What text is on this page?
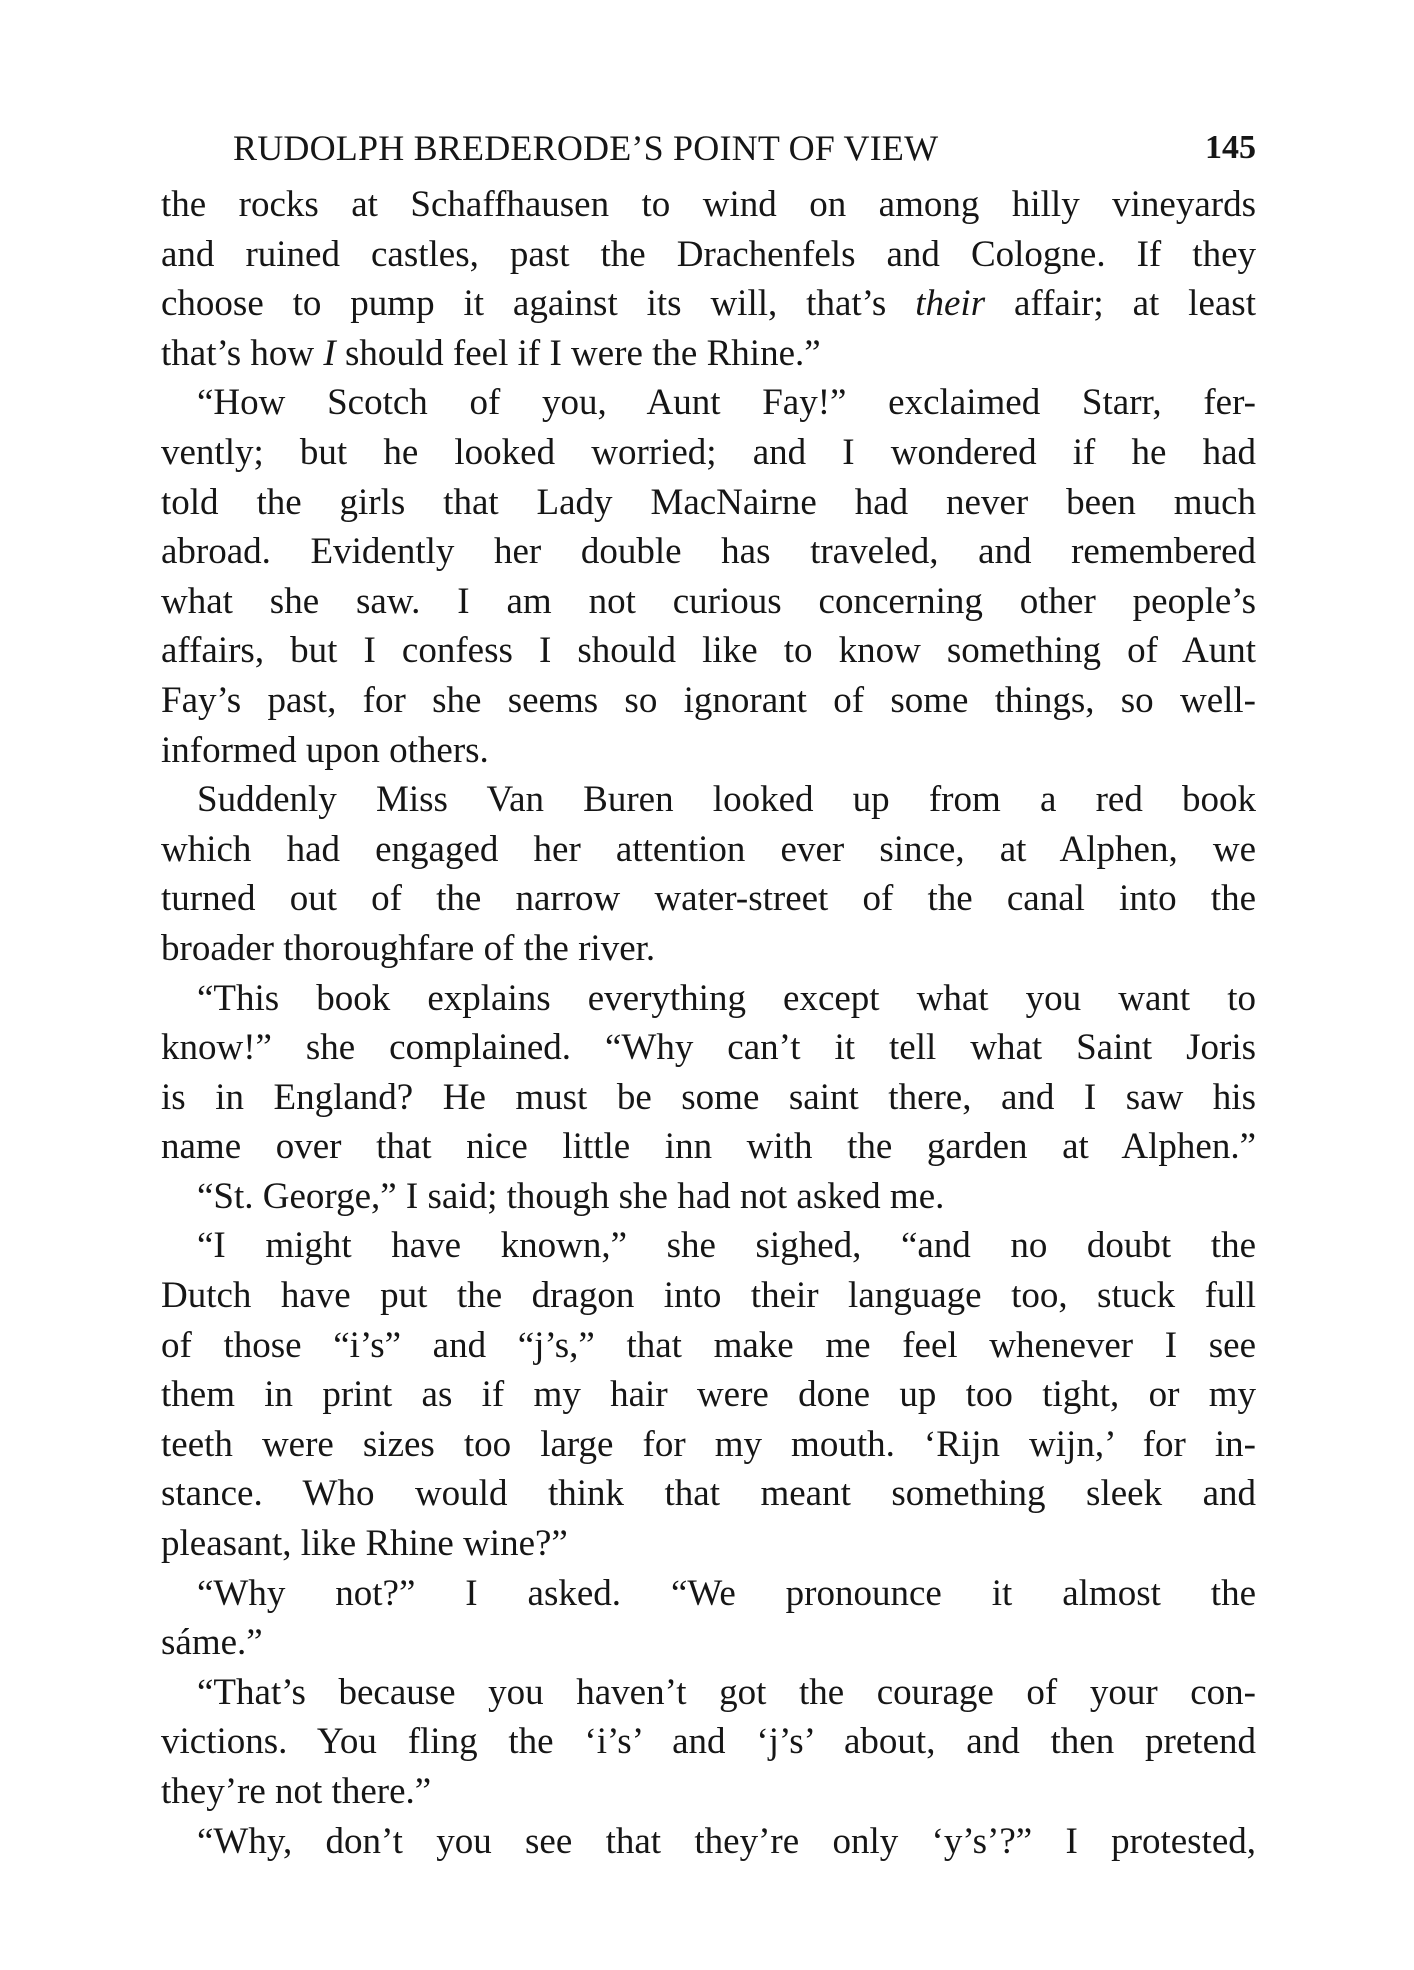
RUDOLPH BREDERODE’S POINT OF VIEW	145
the rocks at Schaffhausen to wind on among hilly vineyards
and ruined castles, past the Drachenfels and Cologne. If they
choose to pump it against its will, that’s their affair; at least
that’s how I should feel if I were the Rhine.”
“How Scotch of you, Aunt Fay!” exclaimed Starr, fer-
vently; but he looked worried; and I wondered if he had
told the girls that Lady MacNairne had never been much
abroad. Evidently her double has traveled, and remembered
what she saw. I am not curious concerning other people’s
affairs, but I confess I should like to know something of Aunt
Fay’s past, for she seems so ignorant of some things, so well-
informed upon others.
Suddenly Miss Van Buren looked up from a red book
which had engaged her attention ever since, at Alphen, we
turned out of the narrow water-street of the canal into the
broader thoroughfare of the river.
“This book explains everything except what you want to
know!” she complained. “Why can’t it tell what Saint Joris
is in England? He must be some saint there, and I saw his
name over that nice little inn with the garden at Alphen.”
“St. George,” I said; though she had not asked me.
“I might have known,” she sighed, “and no doubt the
Dutch have put the dragon into their language too, stuck full
of those “i’s” and “j’s,” that make me feel whenever I see
them in print as if my hair were done up too tight, or my
teeth were sizes too large for my mouth. ‘Rijn wijn,’ for in-
stance. Who would think that meant something sleek and
pleasant, like Rhine wine?”
“Why not?” I asked. “We pronounce it almost the
sáme.”
“That’s because you haven’t got the courage of your con-
victions. You fling the ‘i’s’ and ‘j’s’ about, and then pretend
they’re not there.”
“Why, don’t you see that they’re only ‘y’s’?” I protested,
